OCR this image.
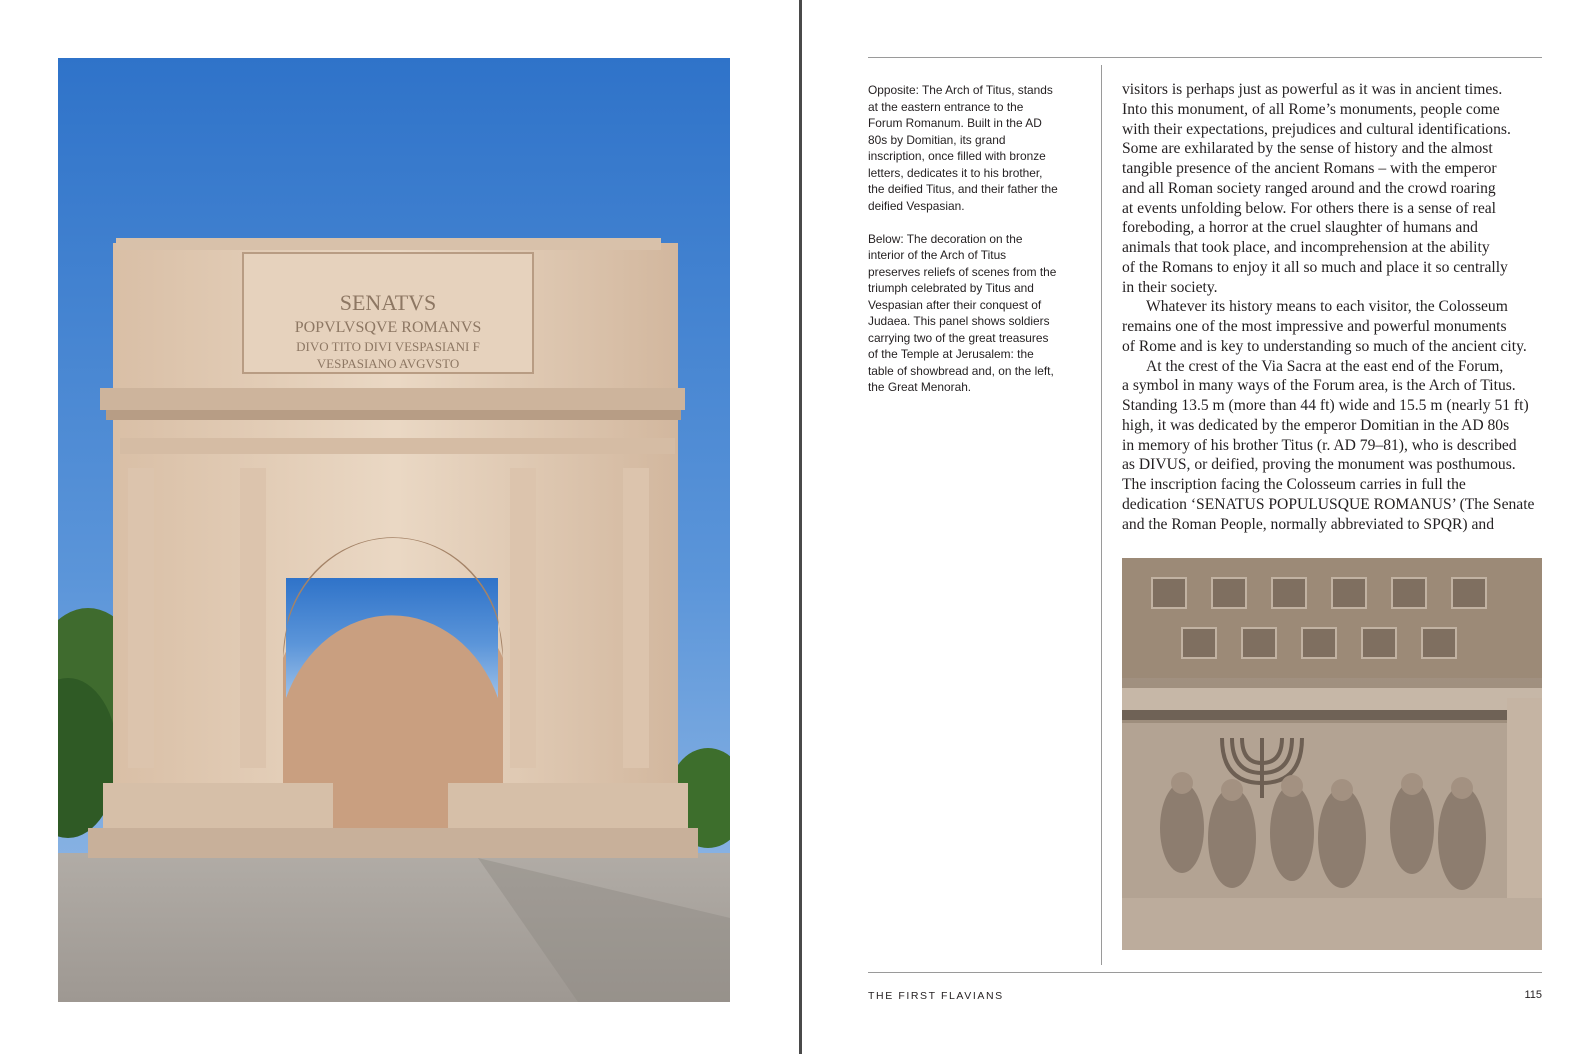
SENATVS
POPVLVSQVE ROMANVS
DIVO TITO DIVI VESPASIANI F
VESPASIANO AVGVSTO

Opposite: The Arch of Titus, stands at the eastern entrance to the Forum Romanum. Built in the AD 80s by Domitian, its grand inscription, once filled with bronze letters, dedicates it to his brother, the deified Titus, and their father the deified Vespasian.

Below: The decoration on the interior of the Arch of Titus preserves reliefs of scenes from the triumph celebrated by Titus and Vespasian after their conquest of Judaea. This panel shows soldiers carrying two of the great treasures of the Temple at Jerusalem: the table of showbread and, on the left, the Great Menorah.

visitors is perhaps just as powerful as it was in ancient times.
Into this monument, of all Rome’s monuments, people come
with their expectations, prejudices and cultural identifications.
Some are exhilarated by the sense of history and the almost
tangible presence of the ancient Romans – with the emperor
and all Roman society ranged around and the crowd roaring
at events unfolding below. For others there is a sense of real
foreboding, a horror at the cruel slaughter of humans and
animals that took place, and incomprehension at the ability
of the Romans to enjoy it all so much and place it so centrally
in their society.
Whatever its history means to each visitor, the Colosseum
remains one of the most impressive and powerful monuments
of Rome and is key to understanding so much of the ancient city.
At the crest of the Via Sacra at the east end of the Forum,
a symbol in many ways of the Forum area, is the Arch of Titus.
Standing 13.5 m (more than 44 ft) wide and 15.5 m (nearly 51 ft)
high, it was dedicated by the emperor Domitian in the AD 80s
in memory of his brother Titus (r. AD 79–81), who is described
as DIVUS, or deified, proving the monument was posthumous.
The inscription facing the Colosseum carries in full the
dedication ‘SENATUS POPULUSQUE ROMANUS’ (The Senate
and the Roman People, normally abbreviated to SPQR) and
THE FIRST FLAVIANS	115
